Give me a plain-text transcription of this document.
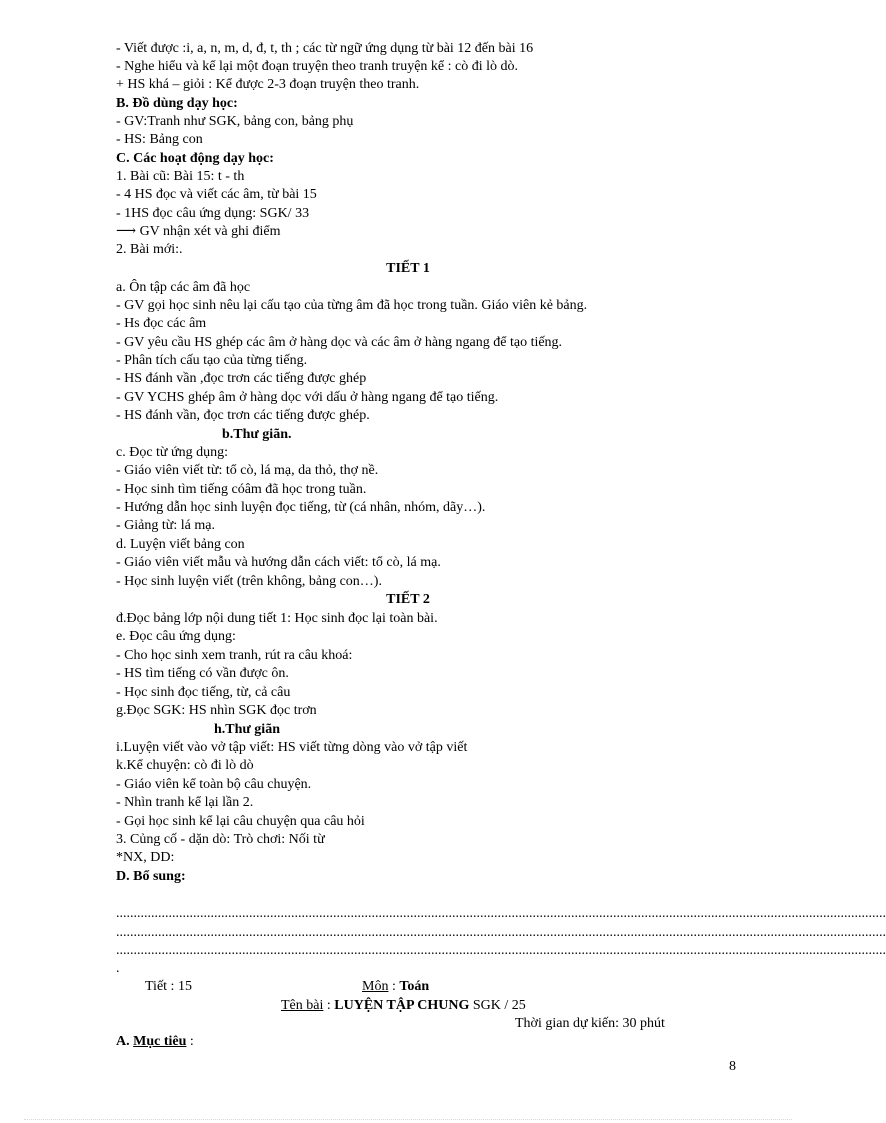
- Viết được :i, a, n, m, d, đ, t, th ; các từ ngữ ứng dụng từ bài 12 đến bài 16
- Nghe hiểu và kể lại một đoạn truyện theo tranh truyện kể : cò đi lò dò.
+ HS khá – giỏi : Kể được 2-3 đoạn truyện theo tranh.
B. Đồ dùng dạy học:
- GV:Tranh như SGK, bảng con, bảng phụ
- HS: Bảng con
C. Các hoạt động dạy học:
1. Bài cũ: Bài 15: t - th
- 4 HS đọc và viết các âm, từ bài 15
- 1HS đọc câu ứng dụng: SGK/ 33
⟶ GV nhận xét và ghi điểm
2. Bài mới:.
TIẾT 1
a. Ôn tập các âm đã học
- GV gọi học sinh nêu lại cấu tạo của từng âm đã học trong tuần. Giáo viên kẻ bảng.
- Hs đọc các âm
- GV yêu cầu HS ghép các âm ở hàng dọc và các âm ở hàng ngang để tạo tiếng.
- Phân tích cấu tạo của từng tiếng.
- HS đánh vần ,đọc trơn các tiếng được ghép
- GV YCHS ghép âm ở hàng dọc với dấu ở hàng ngang để tạo tiếng.
- HS đánh vần, đọc trơn các tiếng được ghép.
b.Thư giãn.
c. Đọc từ ứng dụng:
- Giáo viên viết từ: tổ cò, lá mạ, da thỏ, thợ nề.
- Học sinh tìm tiếng cóâm đã học trong tuần.
- Hướng dẫn học sinh luyện đọc tiếng, từ (cá nhân, nhóm, dãy…).
- Giảng từ: lá mạ.
d. Luyện viết bảng con
- Giáo viên viết mẫu và hướng dẫn cách viết: tổ cò, lá mạ.
- Học sinh luyện viết (trên không, bảng con…).
TIẾT 2
đ.Đọc bảng lớp nội dung tiết 1: Học sinh đọc lại toàn bài.
e. Đọc câu ứng dụng:
- Cho học sinh xem tranh, rút ra câu khoá:
- HS tìm tiếng có vần được ôn.
- Học sinh đọc tiếng, từ, cả câu
g.Đọc SGK: HS nhìn SGK đọc trơn
h.Thư giãn
i.Luyện viết vào vở tập viết: HS viết từng dòng vào vở tập viết
k.Kể chuyện: cò đi lò dò
- Giáo viên kể toàn bộ câu chuyện.
- Nhìn tranh kể lại lần 2.
- Gọi học sinh kể lại câu chuyện qua câu hỏi
3. Củng cố - dặn dò: Trò chơi: Nối từ
*NX, DD:
D. Bổ sung:
............................................................................................................................................................................................................................
............................................................................................................................................................................................................................
............................................................................................................................................................................................................................
.
Tiết : 15	Môn : Toán
Tên bài : LUYỆN TẬP CHUNG SGK / 25
Thời gian dự kiến: 30 phút
A. Mục tiêu :
8
